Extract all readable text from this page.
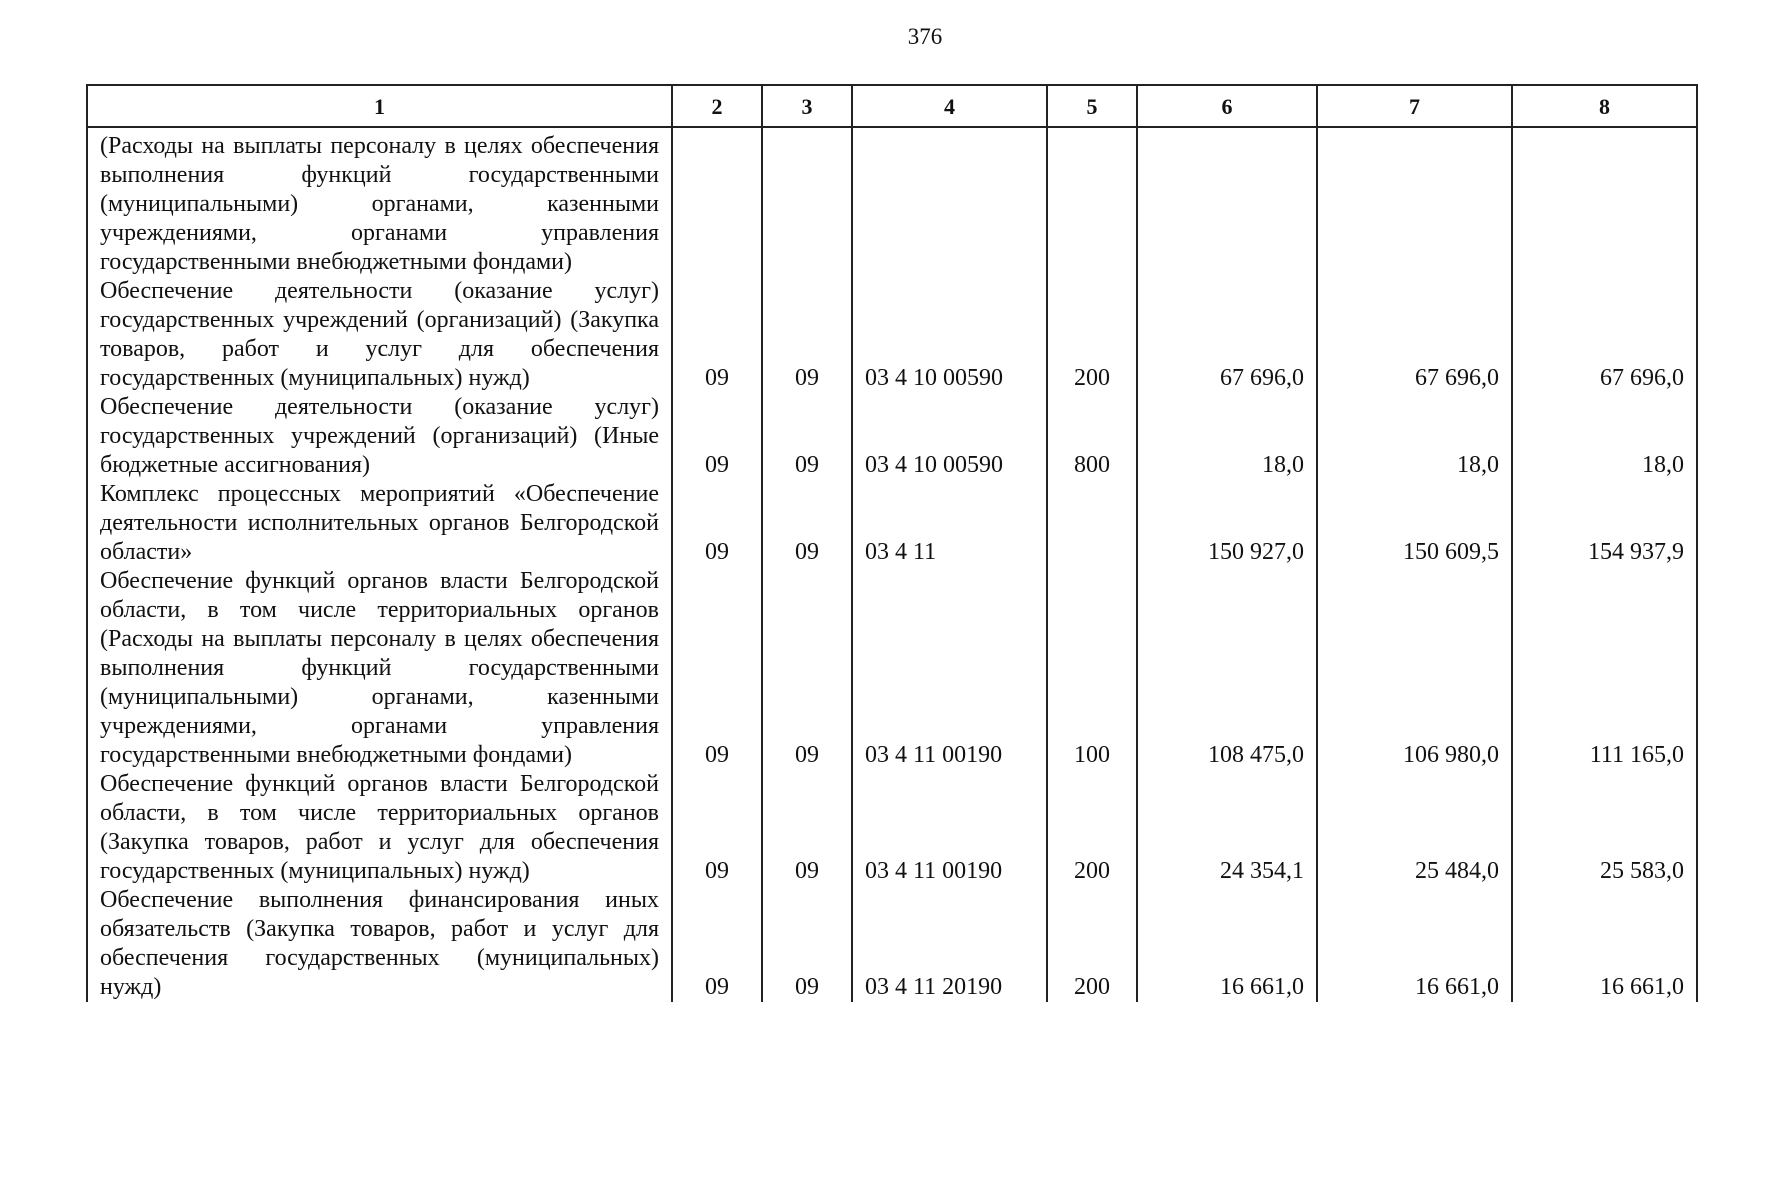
376
1	2	3	4	5	6	7	8
(Расходы на выплаты персоналу в целях обеспечения выполнения функций государственными (муниципальными) органами, казенными учреждениями, органами управления государственными внебюджетными фондами)							
Обеспечение деятельности (оказание услуг) государственных учреждений (организаций) (Закупка товаров, работ и услуг для обеспечения государственных (муниципальных) нужд)	09	09	03 4 10 00590	200	67 696,0	67 696,0	67 696,0
Обеспечение деятельности (оказание услуг) государственных учреждений (организаций) (Иные бюджетные ассигнования)	09	09	03 4 10 00590	800	18,0	18,0	18,0
Комплекс процессных мероприятий «Обеспечение деятельности исполнительных органов Белгородской области»	09	09	03 4 11		150 927,0	150 609,5	154 937,9
Обеспечение функций органов власти Белгородской области, в том числе территориальных органов (Расходы на выплаты персоналу в целях обеспечения выполнения функций государственными (муниципальными) органами, казенными учреждениями, органами управления государственными внебюджетными фондами)	09	09	03 4 11 00190	100	108 475,0	106 980,0	111 165,0
Обеспечение функций органов власти Белгородской области, в том числе территориальных органов (Закупка товаров, работ и услуг для обеспечения государственных (муниципальных) нужд)	09	09	03 4 11 00190	200	24 354,1	25 484,0	25 583,0
Обеспечение выполнения финансирования иных обязательств (Закупка товаров, работ и услуг для обеспечения государственных (муниципальных) нужд)	09	09	03 4 11 20190	200	16 661,0	16 661,0	16 661,0
